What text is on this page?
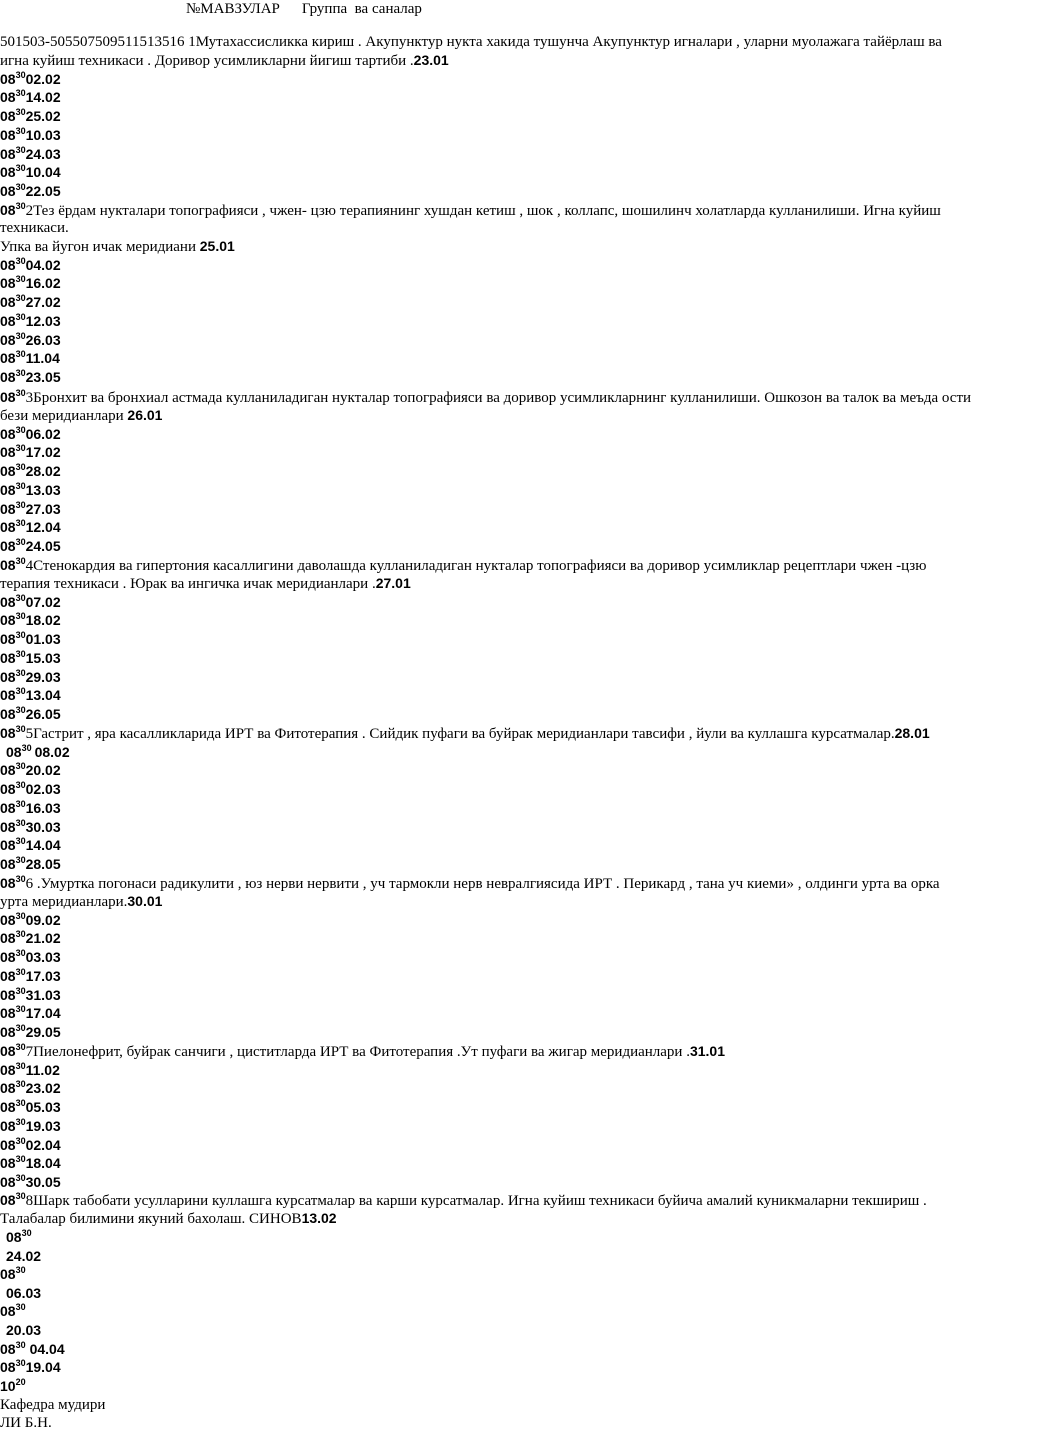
№МАВЗУЛАР Группа  ва саналар
501503-505507509511513516 1Мутахассисликка кириш . Акупунктур нукта хакида тушунча Акупунктур игналари , уларни муолажага тайёрлаш ва
игна куйиш техникаси . Доривор усимликларни йигиш тартиби .23.01
$08^{30}02.02$
$08^{30}14.02$
$08^{30}25.02$
$08^{30}10.03$
$08^{30}24.03$
$08^{30}10.04$
$08^{30}22.05$
$08^{30}2Тез$ ёрдам нукталари топографияси , чжен- цзю терапиянинг хушдан кетиш , шок , коллапс, шошилинч холатларда кулланилиши. Игна куйиш
техникаси.
Упка ва йугон ичак меридиани 25.01
$08^{30}04.02$
$08^{30}16.02$
$08^{30}27.02$
$08^{30}12.03$
$08^{30}26.03$
$08^{30}11.04$
$08^{30}23.05$
$08^{30}3Бронхит$ ва бронхиал астмада кулланиладиган нукталар топографияси ва доривор усимликларнинг кулланилиши. Ошкозон ва талок ва меъда ости
бези меридианлари 26.01
$08^{30}06.02$
$08^{30}17.02$
$08^{30}28.02$
$08^{30}13.03$
$08^{30}27.03$
$08^{30}12.04$
$08^{30}24.05$
$08^{30}4Стенокардия$ ва гипертония касаллигини даволашда кулланиладиган нукталар топографияси ва доривор усимликлар рецептлари чжен -цзю
терапия техникаси . Юрак ва ингичка ичак меридианлари .27.01
$08^{30}07.02$
$08^{30}18.02$
$08^{30}01.03$
$08^{30}15.03$
$08^{30}29.03$
$08^{30}13.04$
$08^{30}26.05$
$08^{30}5Гастрит$ , яра касалликларида ИРТ ва Фитотерапия . Сийдик пуфаги ва буйрак меридианлари тавсифи , йули ва куллашга курсатмалар.28.01
$08^{30}$ 08.02
$08^{30}20.02$
$08^{30}02.03$
$08^{30}16.03$
$08^{30}30.03$
$08^{30}14.04$
$08^{30}28.05$
$08^{30}6$ .Умуртка погонаси радикулити , юз нерви нервити , уч тармокли нерв невралгиясида ИРТ . Перикард , тана уч киеми» , олдинги урта ва орка
урта меридианлари.30.01
$08^{30}09.02$
$08^{30}21.02$
$08^{30}03.03$
$08^{30}17.03$
$08^{30}31.03$
$08^{30}17.04$
$08^{30}29.05$
$08^{30}7Пиелонефрит$, буйрак санчиги , циститларда ИРТ ва Фитотерапия .Ут пуфаги ва жигар меридианлари .31.01
$08^{30}11.02$
$08^{30}23.02$
$08^{30}05.03$
$08^{30}19.03$
$08^{30}02.04$
$08^{30}18.04$
$08^{30}30.05$
$08^{30}8Шарк$ табобати усулларини куллашга курсатмалар ва карши курсатмалар. Игна куйиш техникаси буйича амалий куникмаларни текшириш .
Талабалар билимини якуний бахолаш. СИНОВ13.02
$08^{30}$
24.02
$08^{30}$
06.03
$08^{30}$
20.03
$08^{30}$ 04.04
$08^{30}19.04$
$10^{20}$
Кафедра мудири
ЛИ Б.Н.
